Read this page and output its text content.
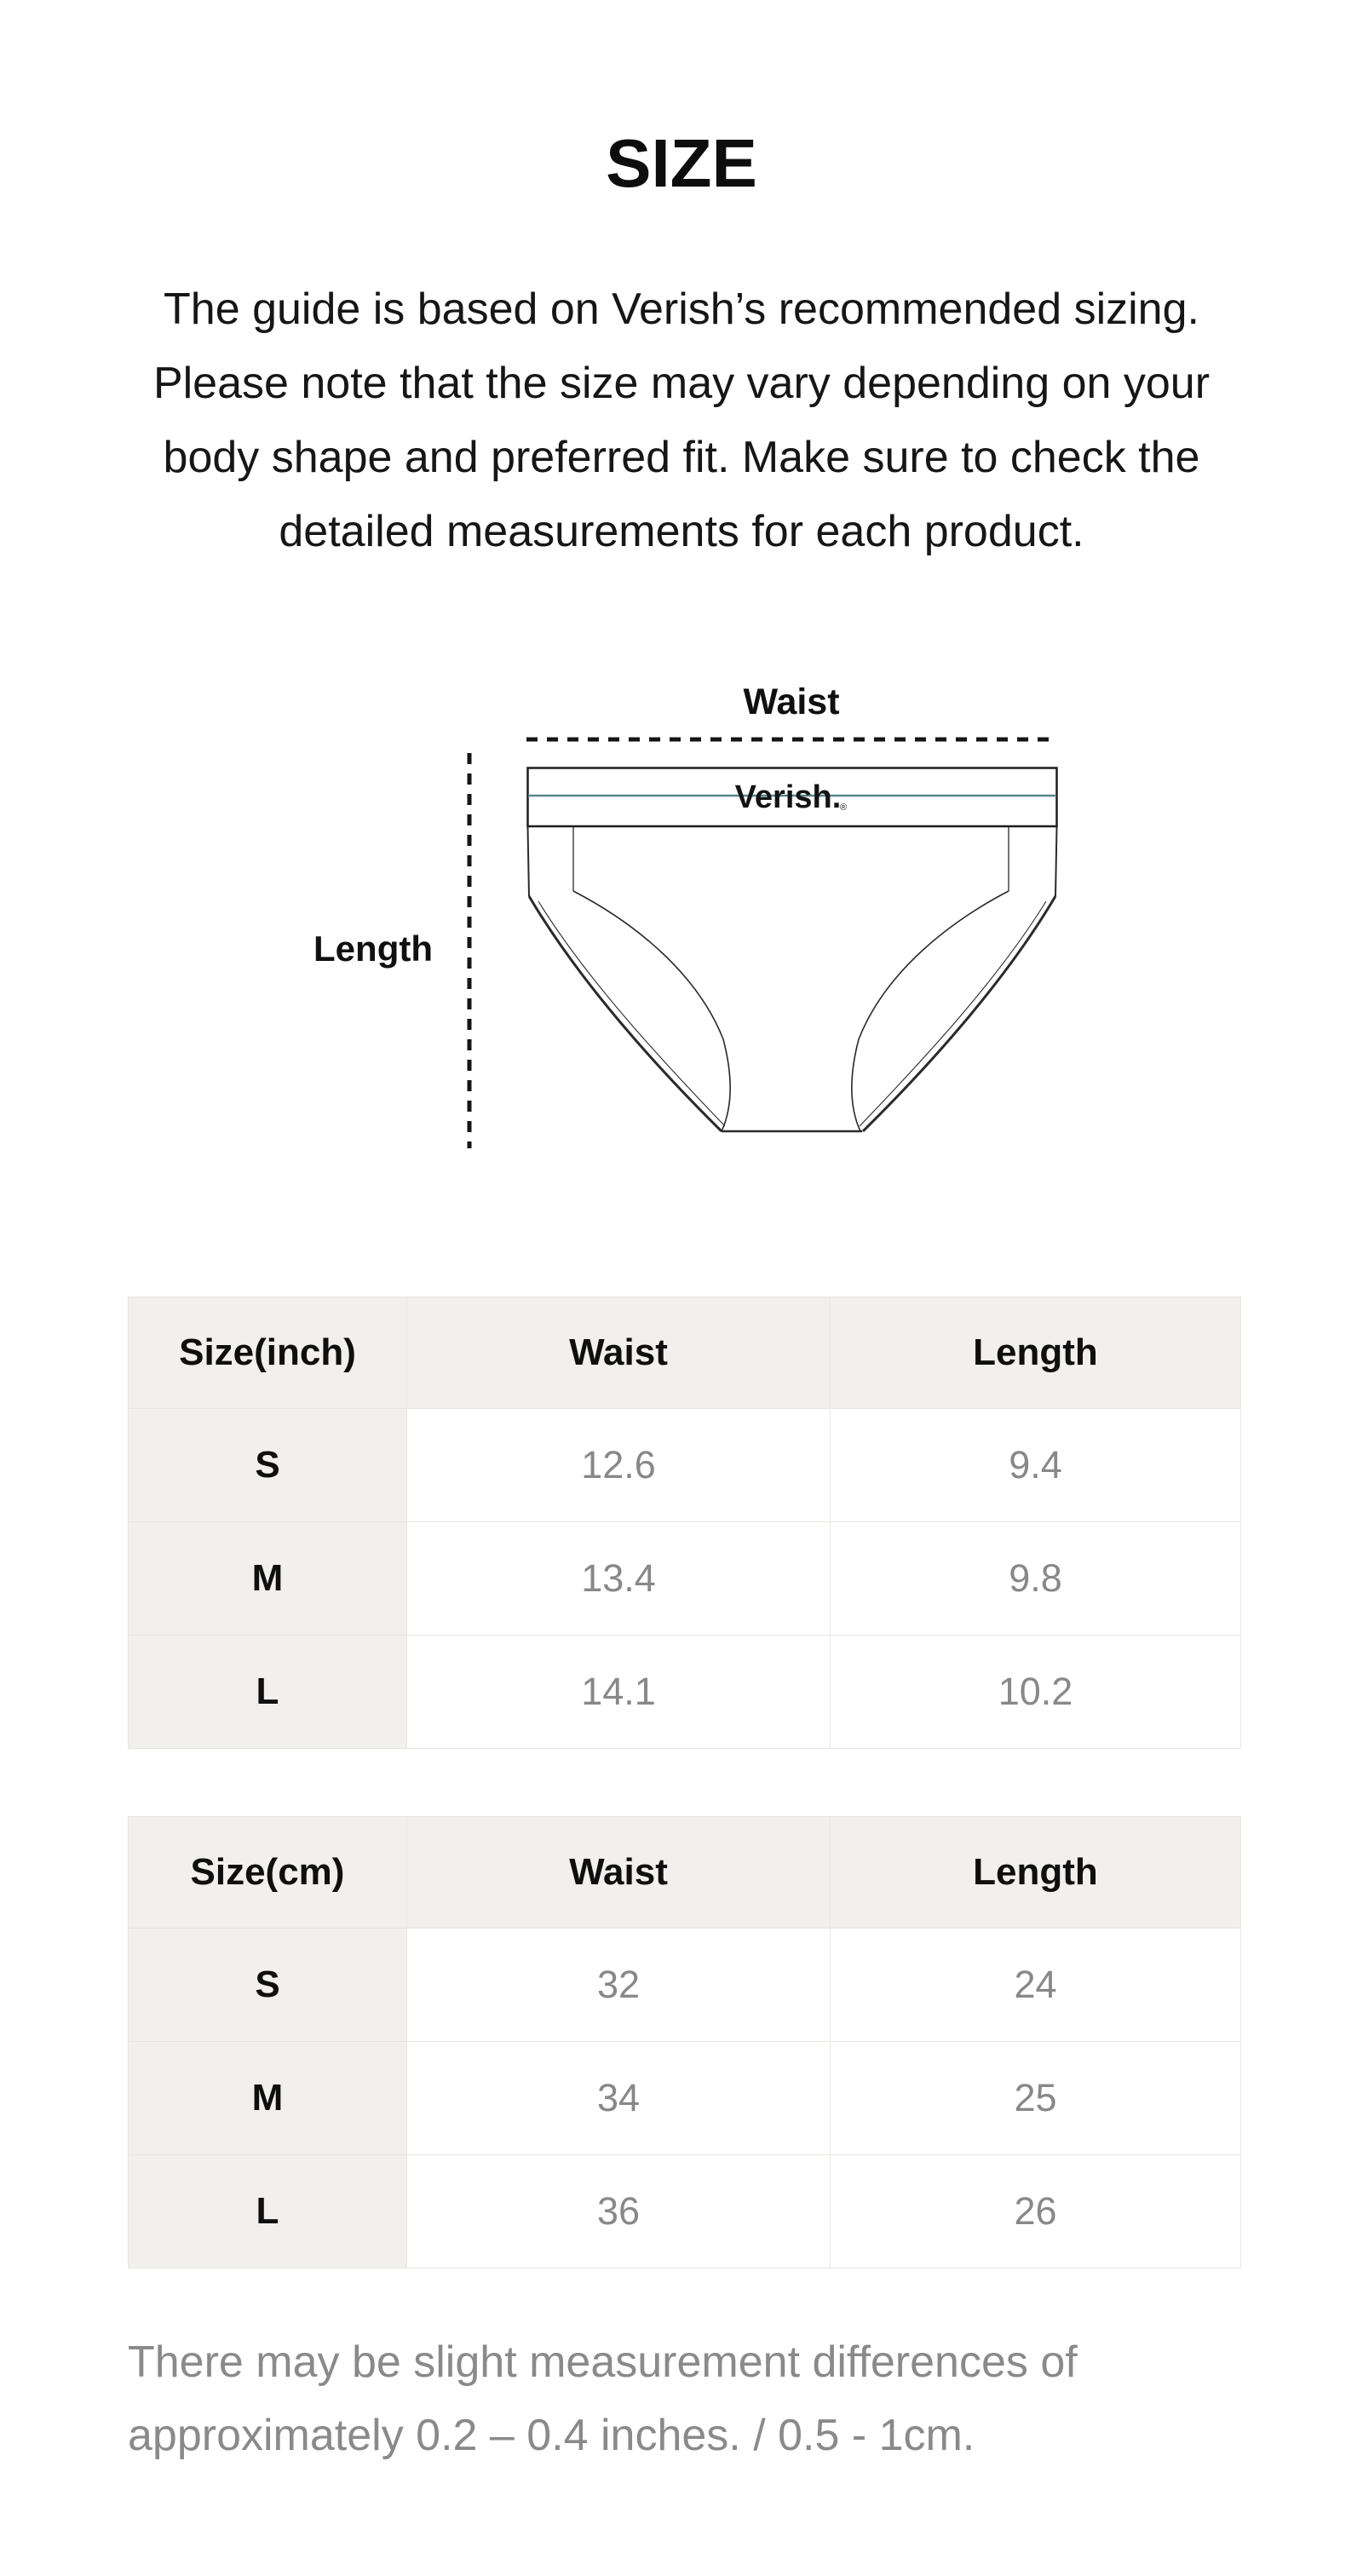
SIZE
The guide is based on Verish’s recommended sizing.
Please note that the size may vary depending on your
body shape and preferred fit. Make sure to check the
detailed measurements for each product.
Waist
Length
Verish.
®
Size(inch)	Waist	Length
S	12.6	9.4
M	13.4	9.8
L	14.1	10.2
Size(cm)	Waist	Length
S	32	24
M	34	25
L	36	26
There may be slight measurement differences of
approximately 0.2 – 0.4 inches. / 0.5 - 1cm.
